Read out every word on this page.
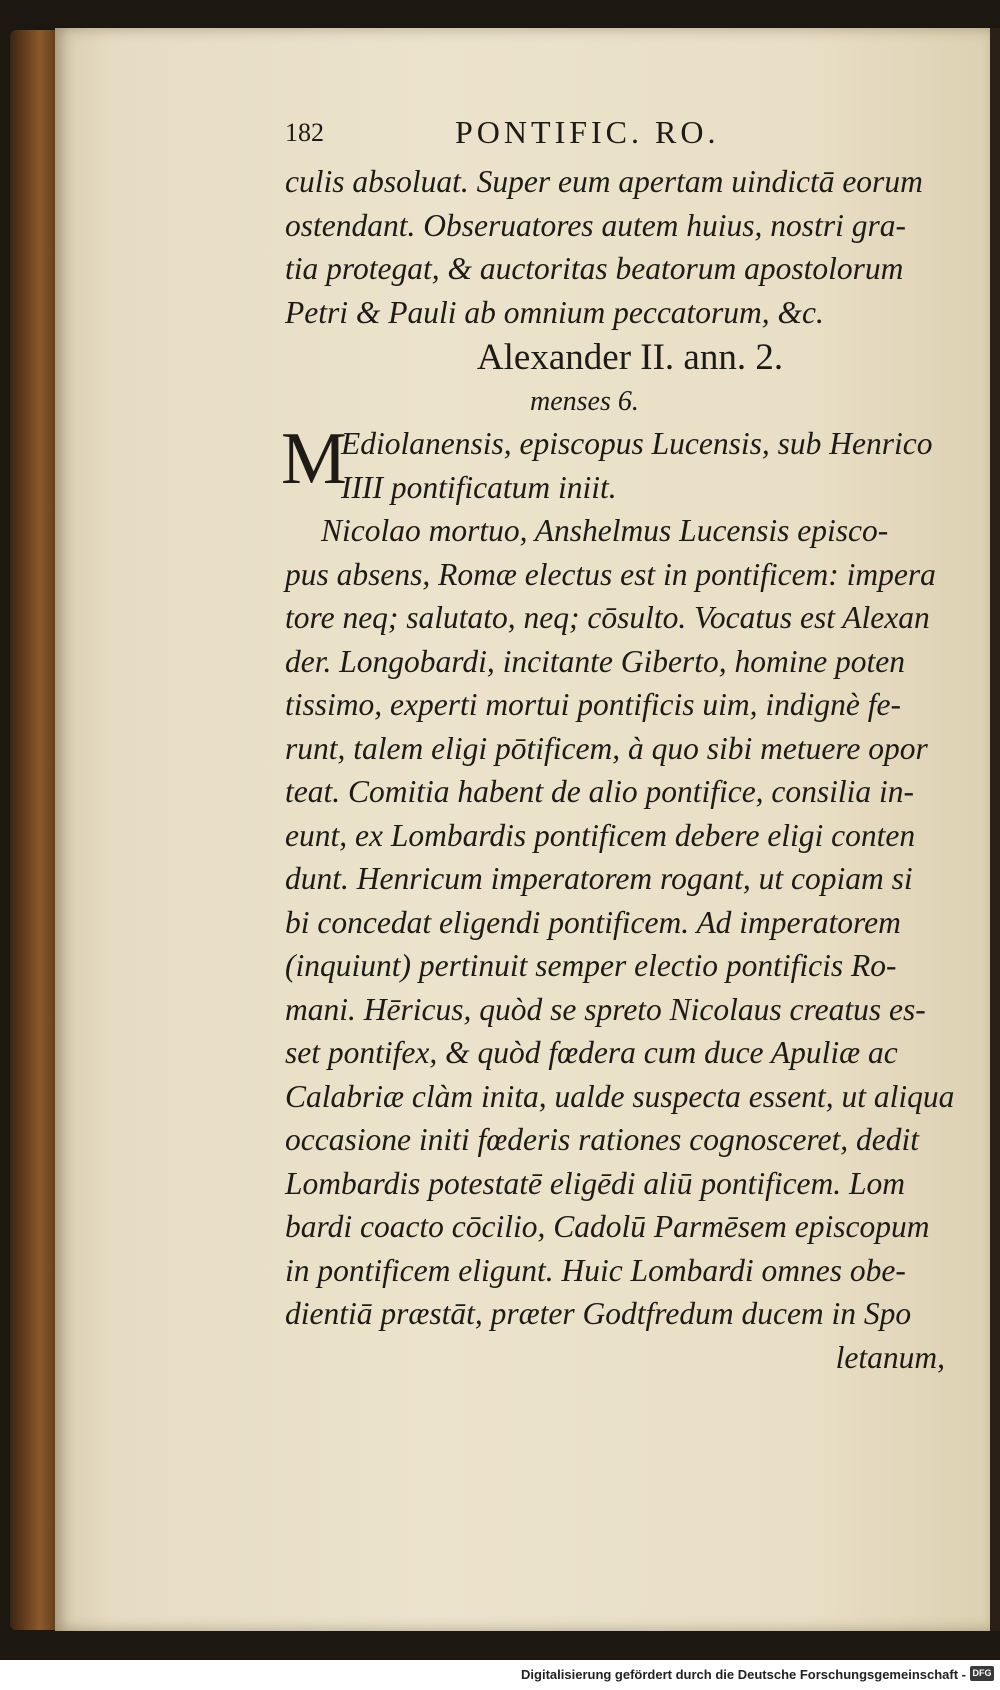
182	PONTIFIC. RO.
culis absoluat. Super eum apertam uindictā eorum
ostendant. Obseruatores autem huius, nostri gra-
tia protegat, & auctoritas beatorum apostolorum
Petri & Pauli ab omnium peccatorum, &c.
Alexander II. ann. 2.
menses 6.
M
Ediolanensis, episcopus Lucensis, sub Henrico
IIII pontificatum iniit.
Nicolao mortuo, Anshelmus Lucensis episco-
pus absens, Romæ electus est in pontificem: impera
tore neq; salutato, neq; cōsulto. Vocatus est Alexan
der. Longobardi, incitante Giberto, homine poten
tissimo, experti mortui pontificis uim, indignè fe-
runt, talem eligi pōtificem, à quo sibi metuere opor
teat. Comitia habent de alio pontifice, consilia in-
eunt, ex Lombardis pontificem debere eligi conten
dunt. Henricum imperatorem rogant, ut copiam si
bi concedat eligendi pontificem. Ad imperatorem
(inquiunt) pertinuit semper electio pontificis Ro-
mani. Hēricus, quòd se spreto Nicolaus creatus es-
set pontifex, & quòd fœdera cum duce Apuliæ ac
Calabriæ clàm inita, ualde suspecta essent, ut aliqua
occasione initi fœderis rationes cognosceret, dedit
Lombardis potestatē eligēdi aliū pontificem. Lom
bardi coacto cōcilio, Cadolū Parmēsem episcopum
in pontificem eligunt. Huic Lombardi omnes obe-
dientiā præstāt, præter Godtfredum ducem in Spo
letanum,
Digitalisierung gefördert durch die Deutsche Forschungsgemeinschaft - DFG
